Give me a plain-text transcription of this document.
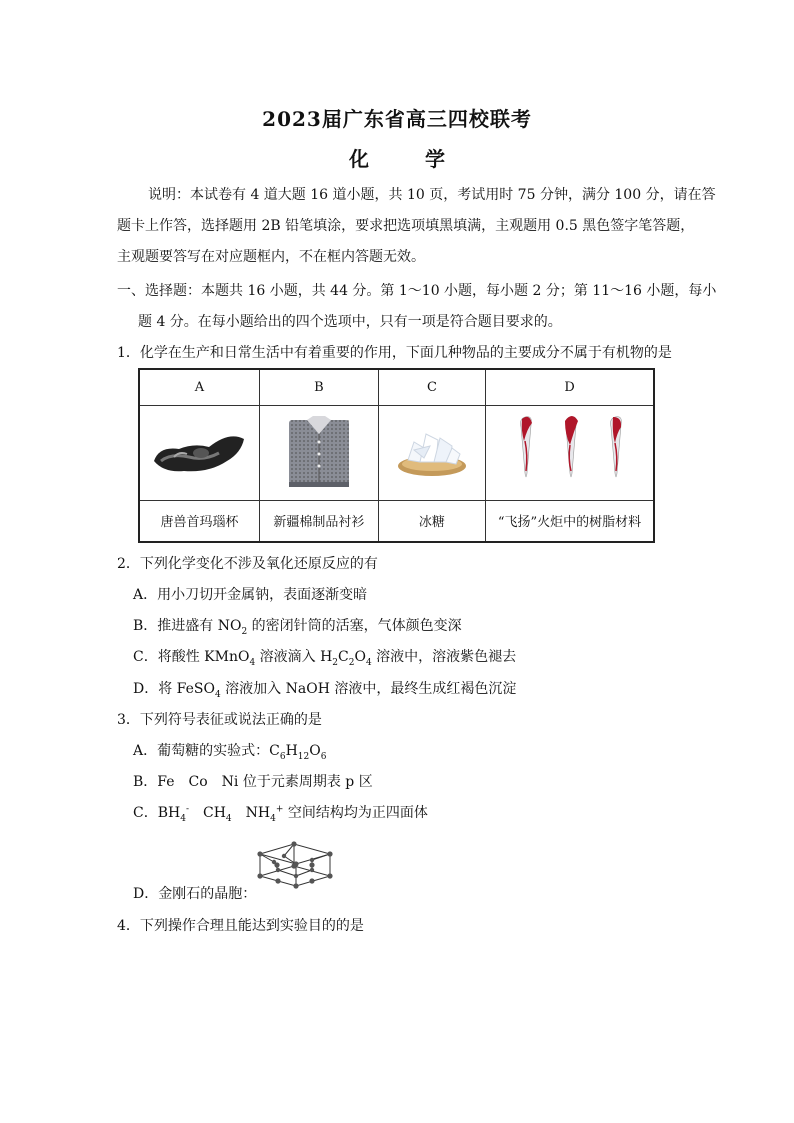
2023届广东省高三四校联考
化　学
说明：本试卷有 4 道大题 16 道小题，共 10 页，考试用时 75 分钟，满分 100 分，请在答
题卡上作答，选择题用 2B 铅笔填涂，要求把选项填黑填满，主观题用 0.5 黑色签字笔答题，
主观题要答写在对应题框内，不在框内答题无效。
一、选择题：本题共 16 小题，共 44 分。第 1～10 小题，每小题 2 分；第 11～16 小题，每小
题 4 分。在每小题给出的四个选项中，只有一项是符合题目要求的。
1．化学在生产和日常生活中有着重要的作用，下面几种物品的主要成分不属于有机物的是
A	B	C	D

唐兽首玛瑙杯	新疆棉制品衬衫	冰糖	“飞扬”火炬中的树脂材料
2．下列化学变化不涉及氧化还原反应的有
A．用小刀切开金属钠，表面逐渐变暗
B．推进盛有 $NO_2$ 的密闭针筒的活塞，气体颜色变深
C．将酸性 KMnO$_4$ 溶液滴入 $H_2C_2O_4$ 溶液中，溶液紫色褪去
D．将 FeSO$_4$ 溶液加入 NaOH 溶液中，最终生成红褐色沉淀
3．下列符号表征或说法正确的是
A．葡萄糖的实验式：$C_6H_{12}O_6$
B．Fe　Co　Ni 位于元素周期表 p 区
C．$BH_4^-$　$CH_4$　$NH_4^+$ 空间结构均为正四面体
D．金刚石的晶胞：
4．下列操作合理且能达到实验目的的是
